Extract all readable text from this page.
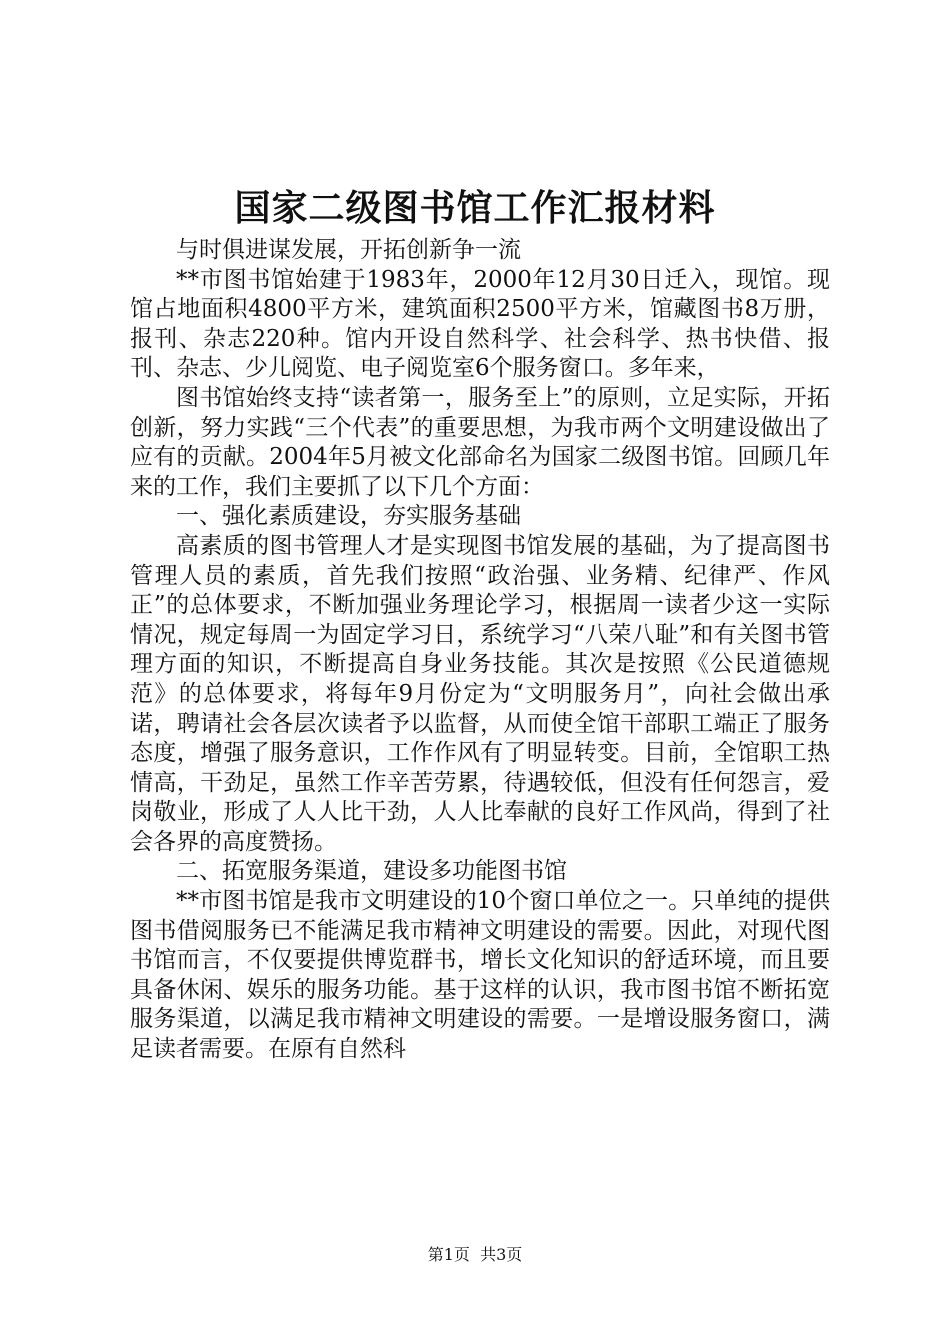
国家二级图书馆工作汇报材料

与时俱进谋发展，开拓创新争一流

**市图书馆始建于1983年，2000年12月30日迁入，现馆。现馆占地面积4800平方米，建筑面积2500平方米，馆藏图书8万册，报刊、杂志220种。馆内开设自然科学、社会科学、热书快借、报刊、杂志、少儿阅览、电子阅览室6个服务窗口。多年来，

图书馆始终支持“读者第一，服务至上”的原则，立足实际，开拓创新，努力实践“三个代表”的重要思想，为我市两个文明建设做出了应有的贡献。2004年5月被文化部命名为国家二级图书馆。回顾几年来的工作，我们主要抓了以下几个方面：

一、强化素质建设，夯实服务基础

高素质的图书管理人才是实现图书馆发展的基础，为了提高图书管理人员的素质，首先我们按照“政治强、业务精、纪律严、作风正”的总体要求，不断加强业务理论学习，根据周一读者少这一实际情况，规定每周一为固定学习日，系统学习“八荣八耻”和有关图书管理方面的知识，不断提高自身业务技能。其次是按照《公民道德规范》的总体要求，将每年9月份定为“文明服务月”，向社会做出承诺，聘请社会各层次读者予以监督，从而使全馆干部职工端正了服务态度，增强了服务意识，工作作风有了明显转变。目前，全馆职工热情高，干劲足，虽然工作辛苦劳累，待遇较低，但没有任何怨言，爱岗敬业，形成了人人比干劲，人人比奉献的良好工作风尚，得到了社会各界的高度赞扬。

二、拓宽服务渠道，建设多功能图书馆

**市图书馆是我市文明建设的10个窗口单位之一。只单纯的提供图书借阅服务已不能满足我市精神文明建设的需要。因此，对现代图书馆而言，不仅要提供博览群书，增长文化知识的舒适环境，而且要具备休闲、娱乐的服务功能。基于这样的认识，我市图书馆不断拓宽服务渠道，以满足我市精神文明建设的需要。一是增设服务窗口，满足读者需要。在原有自然科

第1页 共3页
